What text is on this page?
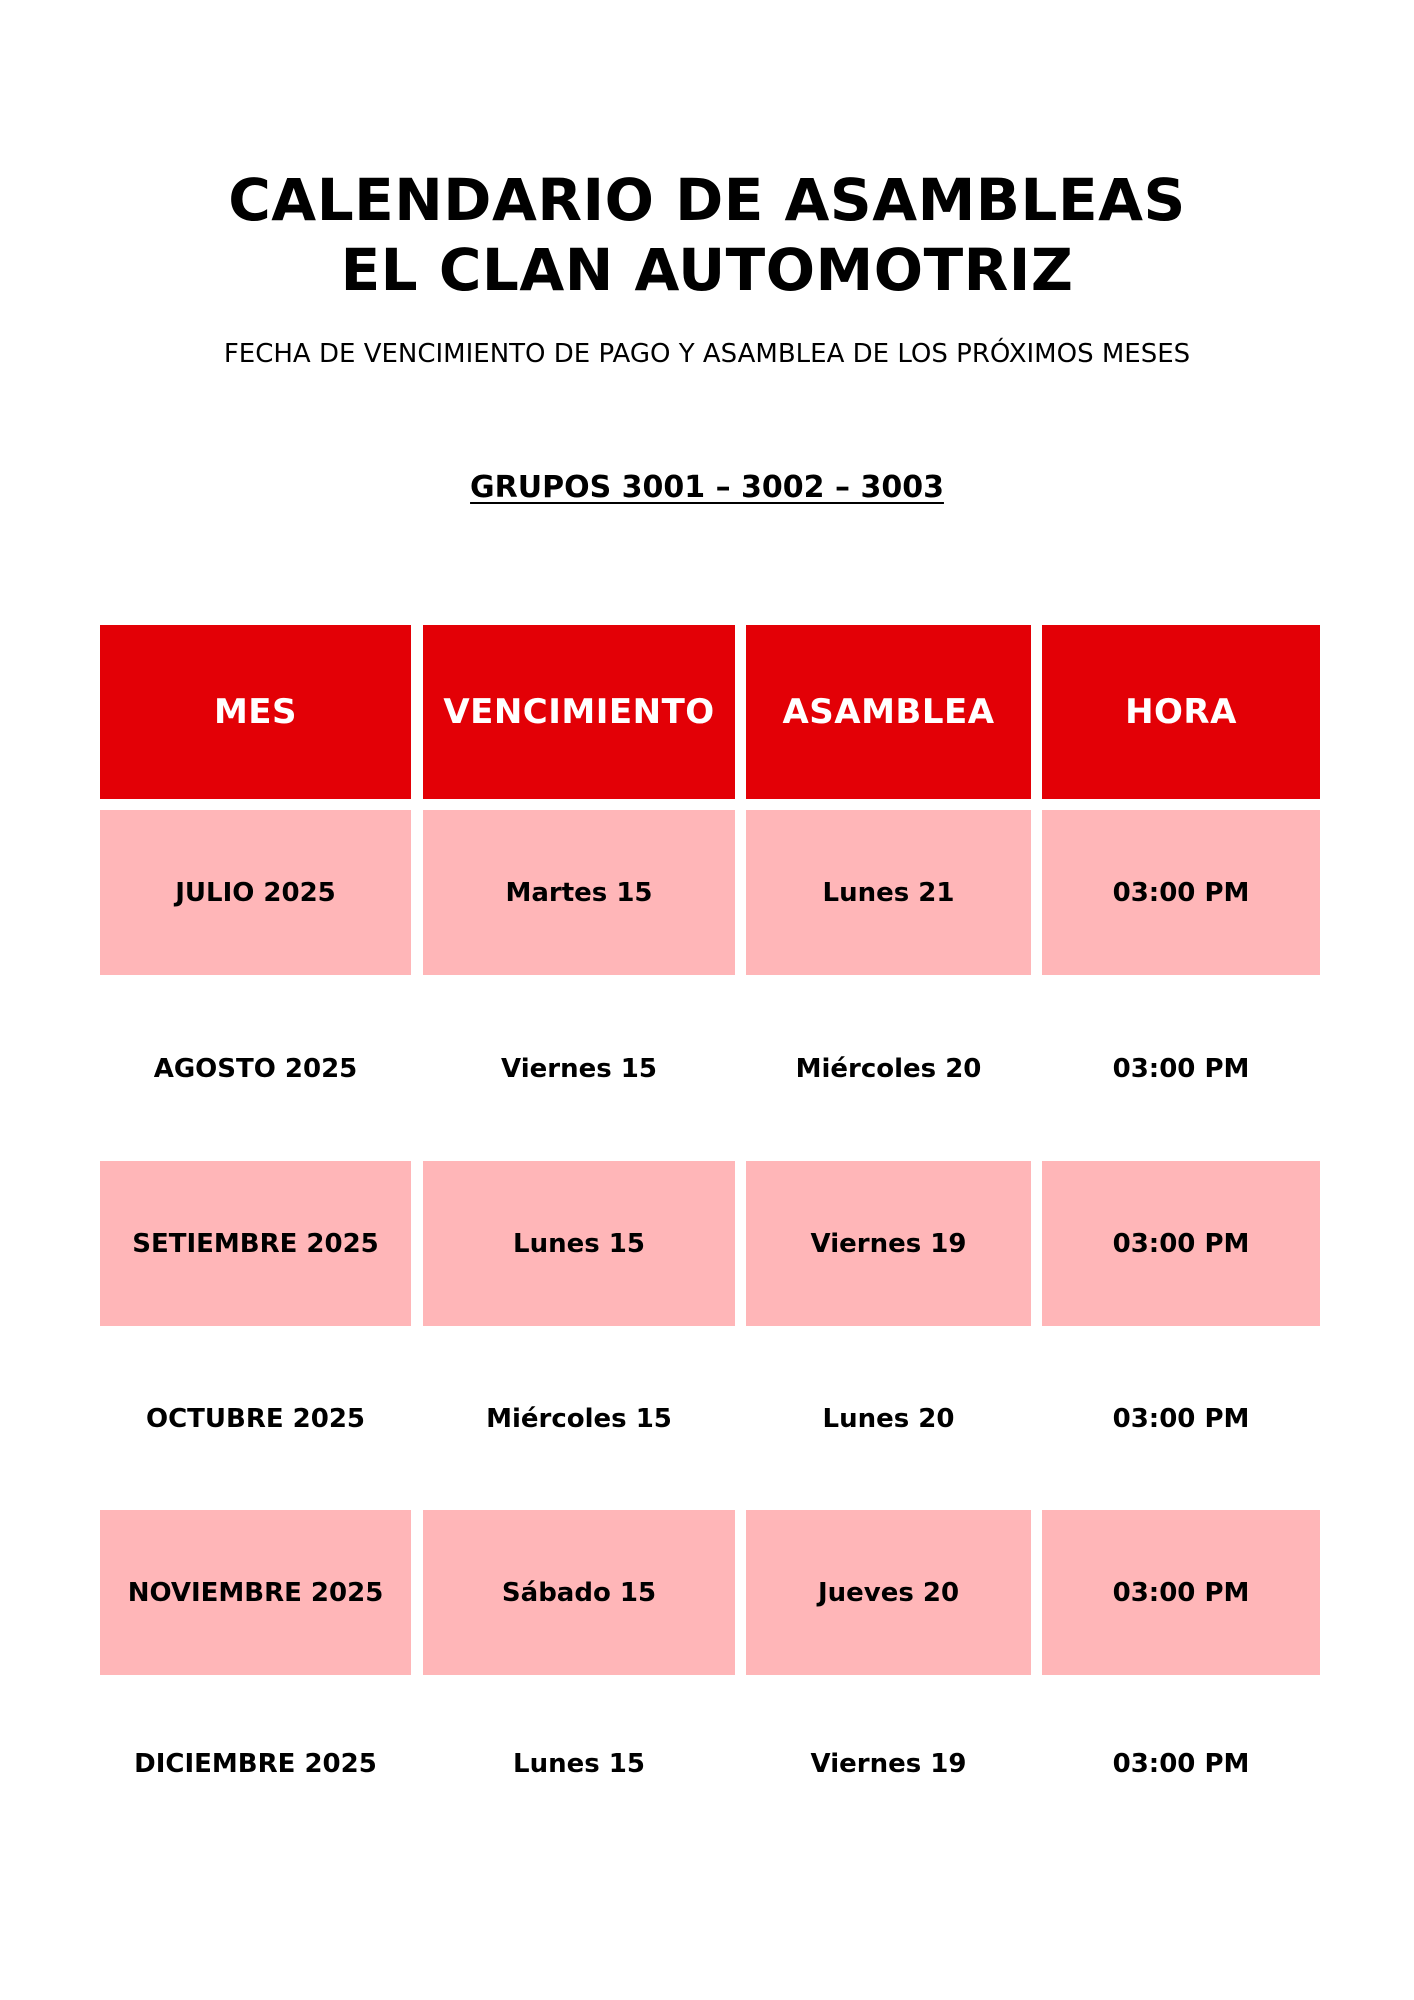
CALENDARIO DE ASAMBLEAS
EL CLAN AUTOMOTRIZ
FECHA DE VENCIMIENTO DE PAGO Y ASAMBLEA DE LOS PRÓXIMOS MESES
GRUPOS 3001 – 3002 – 3003
MES	VENCIMIENTO	ASAMBLEA	HORA
JULIO 2025	Martes 15	Lunes 21	03:00 PM
AGOSTO 2025	Viernes 15	Miércoles 20	03:00 PM
SETIEMBRE 2025	Lunes 15	Viernes 19	03:00 PM
OCTUBRE 2025	Miércoles 15	Lunes 20	03:00 PM
NOVIEMBRE 2025	Sábado 15	Jueves 20	03:00 PM
DICIEMBRE 2025	Lunes 15	Viernes 19	03:00 PM
